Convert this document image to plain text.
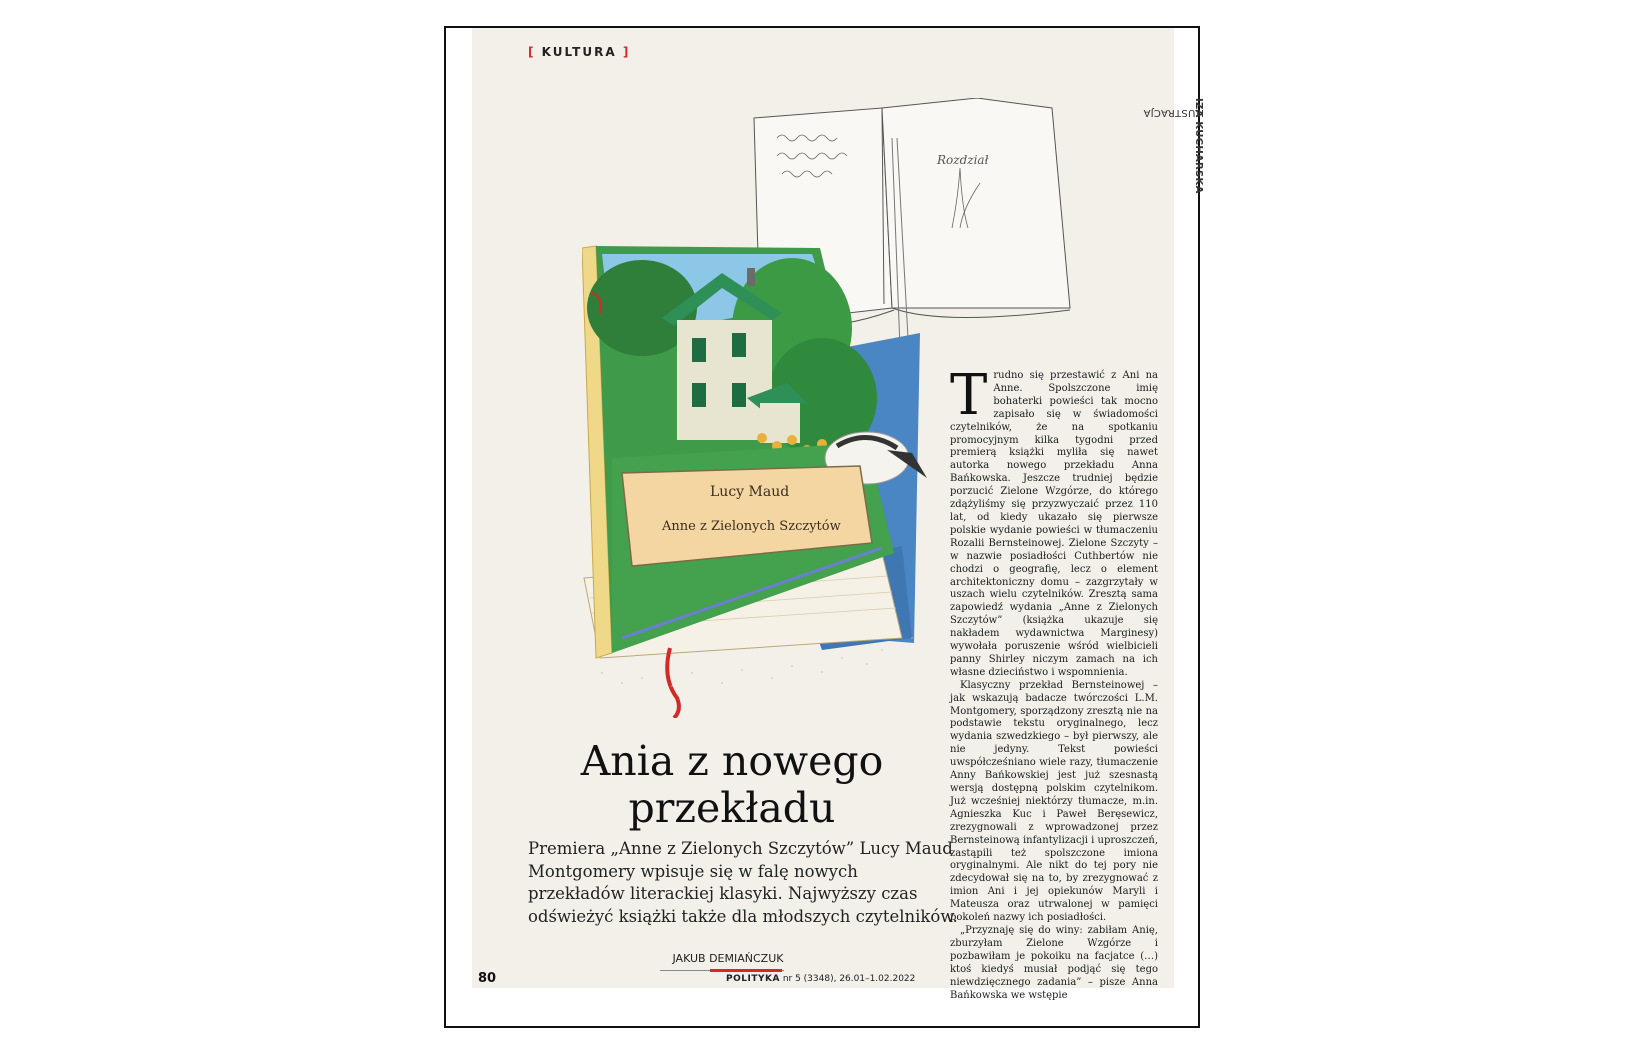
[ KULTURA ]
ILUSTRACJA
IZA KUCHARSKA
Rozdział
Lucy Maud
Anne z Zielonych Szczytów
Ania z nowego
przekładu

Premiera „Anne z Zielonych Szczytów” Lucy Maud Montgomery wpisuje się w falę nowych przekładów literackiej klasyki. Najwyższy czas odświeżyć książki także dla młodszych czytelników.

JAKUB DEMIAŃCZUK

Trudno się przestawić z Ani na Anne. Spolszczone imię bohaterki powieści tak mocno zapisało się w świadomości czytelników, że na spotkaniu promocyjnym kilka tygodni przed premierą książki myliła się nawet autorka nowego przekładu Anna Bańkowska. Jeszcze trudniej będzie porzucić Zielone Wzgórze, do którego zdążyliśmy się przyzwyczaić przez 110 lat, od kiedy ukazało się pierwsze polskie wydanie powieści w tłumaczeniu Rozalii Bernsteinowej. Zielone Szczyty – w nazwie posiadłości Cuthbertów nie chodzi o geografię, lecz o element architektoniczny domu – zazgrzytały w uszach wielu czytelników. Zresztą sama zapowiedź wydania „Anne z Zielonych Szczytów” (książka ukazuje się nakładem wydawnictwa Marginesy) wywołała poruszenie wśród wielbicieli panny Shirley niczym zamach na ich własne dzieciństwo i wspomnienia.

Klasyczny przekład Bernsteinowej – jak wskazują badacze twórczości L.M. Montgomery, sporządzony zresztą nie na podstawie tekstu oryginalnego, lecz wydania szwedzkiego – był pierwszy, ale nie jedyny. Tekst powieści uwspółcześniano wiele razy, tłumaczenie Anny Bańkowskiej jest już szesnastą wersją dostępną polskim czytelnikom. Już wcześniej niektórzy tłumacze, m.in. Agnieszka Kuc i Paweł Beręsewicz, zrezygnowali z wprowadzonej przez Bernsteinową infantylizacji i uproszczeń, zastąpili też spolszczone imiona oryginalnymi. Ale nikt do tej pory nie zdecydował się na to, by zrezygnować z imion Ani i jej opiekunów Maryli i Mateusza oraz utrwalonej w pamięci pokoleń nazwy ich posiadłości.

„Przyznaję się do winy: zabiłam Anię, zburzyłam Zielone Wzgórze i pozbawiłam je pokoiku na facjatce (…) ktoś kiedyś musiał podjąć się tego niewdzięcznego zadania” – pisze Anna Bańkowska we wstępie

80	POLITYKA nr 5 (3348), 26.01–1.02.2022
